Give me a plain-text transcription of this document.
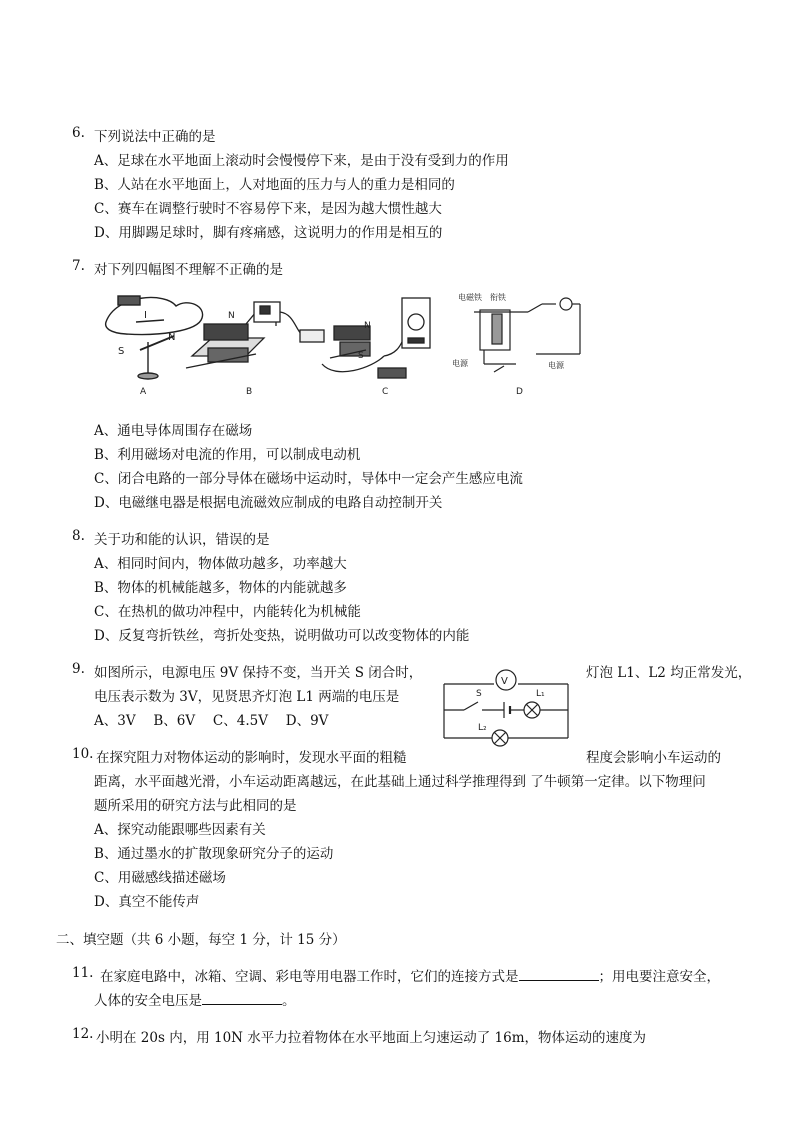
6. 下列说法中正确的是
A、足球在水平地面上滚动时会慢慢停下来，是由于没有受到力的作用
B、人站在水平地面上，人对地面的压力与人的重力是相同的
C、赛车在调整行驶时不容易停下来，是因为越大惯性越大
D、用脚踢足球时，脚有疼痛感，这说明力的作用是相互的
7. 对下列四幅图不理解不正确的是
I
S
N
A
N
B
N
S
C
电磁铁 衔铁
电源	电源
D
A、通电导体周围存在磁场
B、利用磁场对电流的作用，可以制成电动机
C、闭合电路的一部分导体在磁场中运动时，导体中一定会产生感应电流
D、电磁继电器是根据电流磁效应制成的电路自动控制开关
8. 关于功和能的认识，错误的是
A、相同时间内，物体做功越多，功率越大
B、物体的机械能越多，物体的内能就越多
C、在热机的做功冲程中，内能转化为机械能
D、反复弯折铁丝，弯折处变热，说明做功可以改变物体的内能
9. 如图所示，电源电压 9V 保持不变，当开关 S 闭合时，	灯泡 L1、L2 均正常发光，
电压表示数为 3V，见贤思齐灯泡 L1 两端的电压是
A、3V　 B、6V　 C、4.5V　 D、9V
V
S	L₁
L₂
10. 在探究阻力对物体运动的影响时，发现水平面的粗糙	程度会影响小车运动的
距离，水平面越光滑，小车运动距离越远，在此基础上通过科学推理得到 了牛顿第一定律。以下物理问
题所采用的研究方法与此相同的是
A、探究动能跟哪些因素有关
B、通过墨水的扩散现象研究分子的运动
C、用磁感线描述磁场
D、真空不能传声
二、填空题（共 6 小题，每空 1 分，计 15 分）
11. 在家庭电路中，冰箱、空调、彩电等用电器工作时，它们的连接方式是	；用电要注意安全，
人体的安全电压是	。
12. 小明在 20s 内，用 10N 水平力拉着物体在水平地面上匀速运动了 16m，物体运动的速度为
